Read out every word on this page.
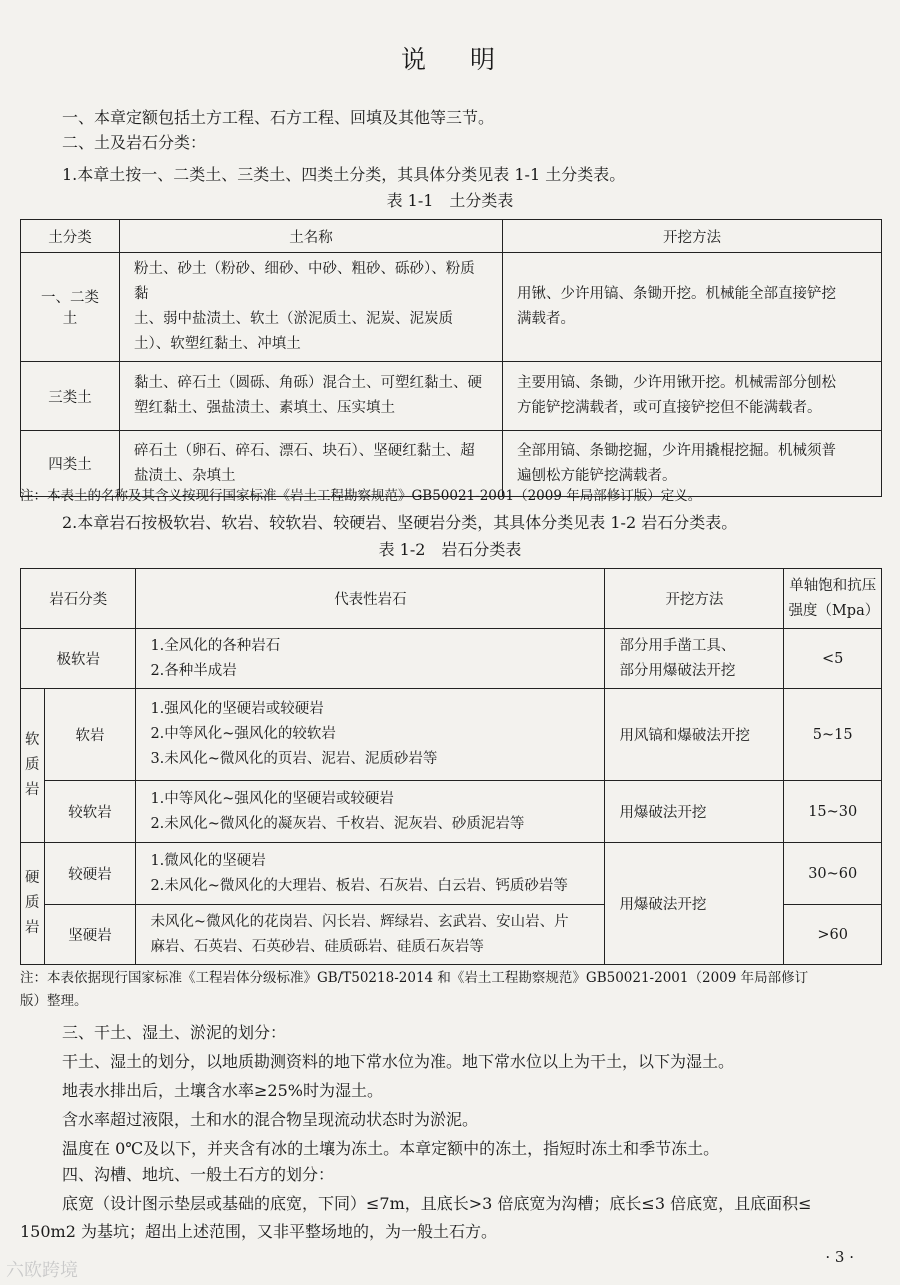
说 明
一、本章定额包括土方工程、石方工程、回填及其他等三节。
二、土及岩石分类：
1.本章土按一、二类土、三类土、四类土分类，其具体分类见表 1-1 土分类表。
表 1-1　土分类表
土分类	土名称	开挖方法
一、二类土	粉土、砂土（粉砂、细砂、中砂、粗砂、砾砂）、粉质黏
土、弱中盐渍土、软土（淤泥质土、泥炭、泥炭质
土）、软塑红黏土、冲填土	用锹、少许用镐、条锄开挖。机械能全部直接铲挖
满载者。
三类土	黏土、碎石土（圆砾、角砾）混合土、可塑红黏土、硬
塑红黏土、强盐渍土、素填土、压实填土	主要用镐、条锄，少许用锹开挖。机械需部分刨松
方能铲挖满载者，或可直接铲挖但不能满载者。
四类土	碎石土（卵石、碎石、漂石、块石）、坚硬红黏土、超
盐渍土、杂填土	全部用镐、条锄挖掘，少许用撬棍挖掘。机械须普
遍刨松方能铲挖满载者。
注：本表土的名称及其含义按现行国家标准《岩土工程勘察规范》GB50021-2001（2009 年局部修订版）定义。
2.本章岩石按极软岩、软岩、较软岩、较硬岩、坚硬岩分类，其具体分类见表 1-2 岩石分类表。
表 1-2　岩石分类表
岩石分类		代表性岩石	开挖方法	单轴饱和抗压
强度（Mpa）
极软岩		1.全风化的各种岩石
2.各种半成岩	部分用手凿工具、
部分用爆破法开挖	<5
软
质
岩	软岩	1.强风化的坚硬岩或较硬岩
2.中等风化~强风化的较软岩
3.未风化~微风化的页岩、泥岩、泥质砂岩等	用风镐和爆破法开挖	5~15
	较软岩	1.中等风化~强风化的坚硬岩或较硬岩
2.未风化~微风化的凝灰岩、千枚岩、泥灰岩、砂质泥岩等	用爆破法开挖	15~30
硬
质
岩	较硬岩	1.微风化的坚硬岩
2.未风化~微风化的大理岩、板岩、石灰岩、白云岩、钙质砂岩等	用爆破法开挖	30~60
	坚硬岩	未风化~微风化的花岗岩、闪长岩、辉绿岩、玄武岩、安山岩、片
麻岩、石英岩、石英砂岩、硅质砾岩、硅质石灰岩等		>60
注：本表依据现行国家标准《工程岩体分级标准》GB/T50218-2014 和《岩土工程勘察规范》GB50021-2001（2009 年局部修订
版）整理。
三、干土、湿土、淤泥的划分：
干土、湿土的划分，以地质勘测资料的地下常水位为准。地下常水位以上为干土，以下为湿土。
地表水排出后，土壤含水率≥25%时为湿土。
含水率超过液限，土和水的混合物呈现流动状态时为淤泥。
温度在 0℃及以下，并夹含有冰的土壤为冻土。本章定额中的冻土，指短时冻土和季节冻土。
四、沟槽、地坑、一般土石方的划分：
底宽（设计图示垫层或基础的底宽，下同）≤7m，且底长>3 倍底宽为沟槽；底长≤3 倍底宽，且底面积≤
150m2 为基坑；超出上述范围，又非平整场地的，为一般土石方。
六欧跨境
· 3 ·
